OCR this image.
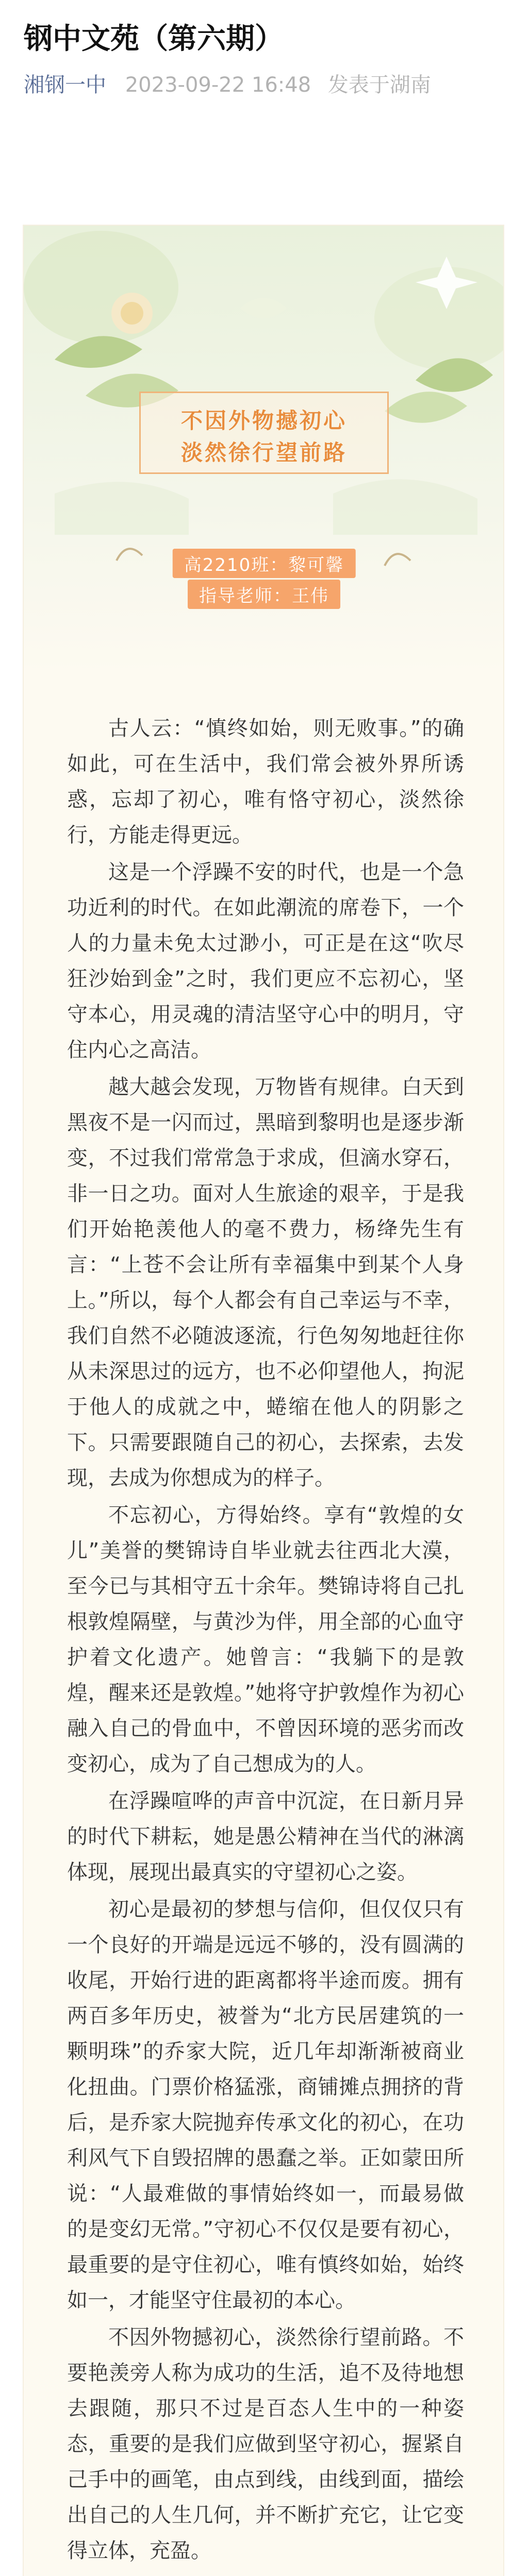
钢中文苑（第六期）
湘钢一中 2023-09-22 16:48 发表于湖南
不因外物撼初心
淡然徐行望前路
高2210班：黎可馨
指导老师：王伟

古人云：“慎终如始，则无败事。”的确如此，可在生活中，我们常会被外界所诱惑，忘却了初心，唯有恪守初心，淡然徐行，方能走得更远。

这是一个浮躁不安的时代，也是一个急功近利的时代。在如此潮流的席卷下，一个人的力量未免太过渺小，可正是在这“吹尽狂沙始到金”之时，我们更应不忘初心，坚守本心，用灵魂的清洁坚守心中的明月，守住内心之高洁。

越大越会发现，万物皆有规律。白天到黑夜不是一闪而过，黑暗到黎明也是逐步渐变，不过我们常常急于求成，但滴水穿石，非一日之功。面对人生旅途的艰辛，于是我们开始艳羡他人的毫不费力，杨绛先生有言：“上苍不会让所有幸福集中到某个人身上。”所以，每个人都会有自己幸运与不幸，我们自然不必随波逐流，行色匆匆地赶往你从未深思过的远方，也不必仰望他人，拘泥于他人的成就之中，蜷缩在他人的阴影之下。只需要跟随自己的初心，去探索，去发现，去成为你想成为的样子。

不忘初心，方得始终。享有“敦煌的女儿”美誉的樊锦诗自毕业就去往西北大漠，至今已与其相守五十余年。樊锦诗将自己扎根敦煌隔壁，与黄沙为伴，用全部的心血守护着文化遗产。她曾言：“我躺下的是敦煌，醒来还是敦煌。”她将守护敦煌作为初心融入自己的骨血中，不曾因环境的恶劣而改变初心，成为了自己想成为的人。

在浮躁喧哗的声音中沉淀，在日新月异的时代下耕耘，她是愚公精神在当代的淋漓体现，展现出最真实的守望初心之姿。

初心是最初的梦想与信仰，但仅仅只有一个良好的开端是远远不够的，没有圆满的收尾，开始行进的距离都将半途而废。拥有两百多年历史，被誉为“北方民居建筑的一颗明珠”的乔家大院，近几年却渐渐被商业化扭曲。门票价格猛涨，商铺摊点拥挤的背后，是乔家大院抛弃传承文化的初心，在功利风气下自毁招牌的愚蠢之举。正如蒙田所说：“人最难做的事情始终如一，而最易做的是变幻无常。”守初心不仅仅是要有初心，最重要的是守住初心，唯有慎终如始，始终如一，才能坚守住最初的本心。

不因外物撼初心，淡然徐行望前路。不要艳羡旁人称为成功的生活，追不及待地想去跟随，那只不过是百态人生中的一种姿态，重要的是我们应做到坚守初心，握紧自己手中的画笔，由点到线，由线到面，描绘出自己的人生几何，并不断扩充它，让它变得立体，充盈。
